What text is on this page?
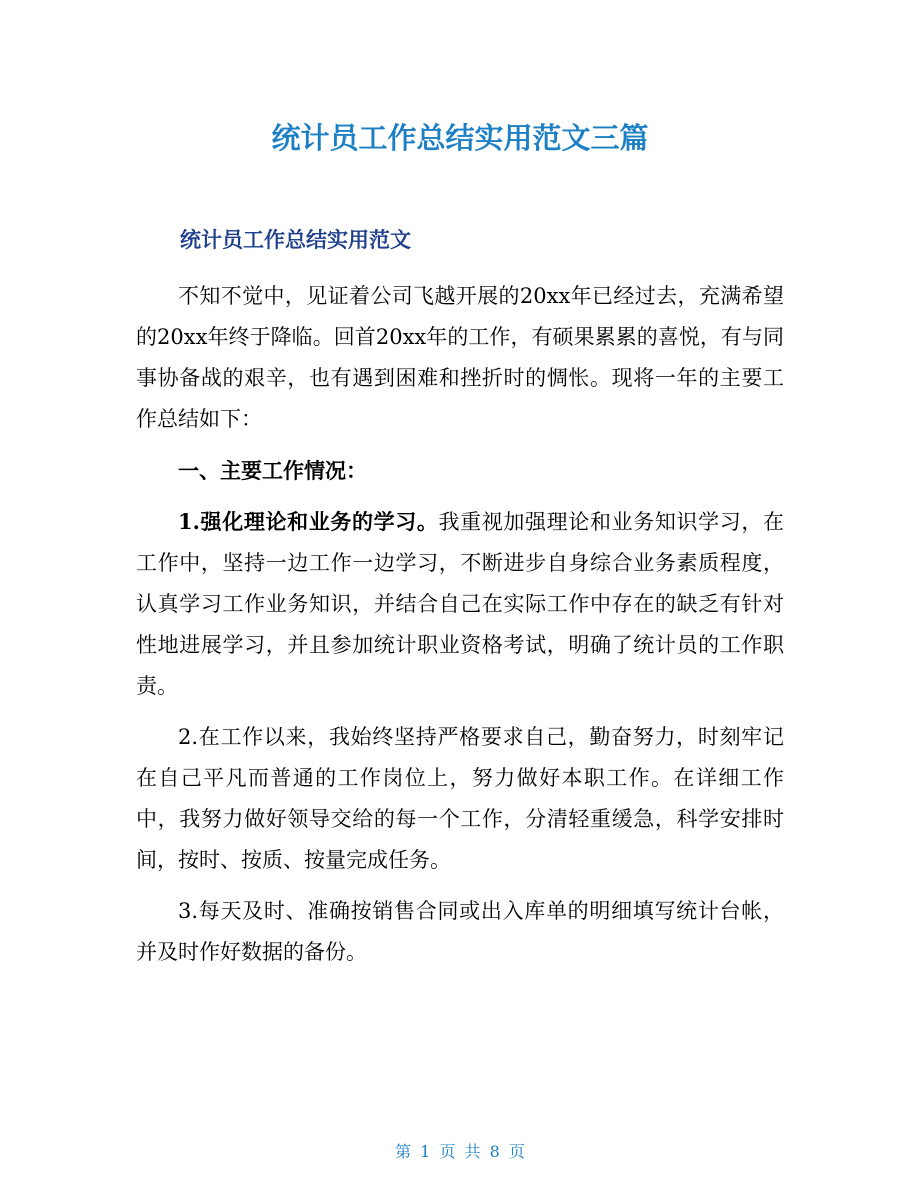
统计员工作总结实用范文三篇
统计员工作总结实用范文

不知不觉中，见证着公司飞越开展的20xx年已经过去，充满希望的20xx年终于降临。回首20xx年的工作，有硕果累累的喜悦，有与同事协备战的艰辛，也有遇到困难和挫折时的惆怅。现将一年的主要工作总结如下：

一、主要工作情况：

1.强化理论和业务的学习。我重视加强理论和业务知识学习，在工作中，坚持一边工作一边学习，不断进步自身综合业务素质程度，认真学习工作业务知识，并结合自己在实际工作中存在的缺乏有针对性地进展学习，并且参加统计职业资格考试，明确了统计员的工作职责。

2.在工作以来，我始终坚持严格要求自己，勤奋努力，时刻牢记在自己平凡而普通的工作岗位上，努力做好本职工作。在详细工作中，我努力做好领导交给的每一个工作，分清轻重缓急，科学安排时间，按时、按质、按量完成任务。

3.每天及时、准确按销售合同或出入库单的明细填写统计台帐，并及时作好数据的备份。

第 1 页 共 8 页
